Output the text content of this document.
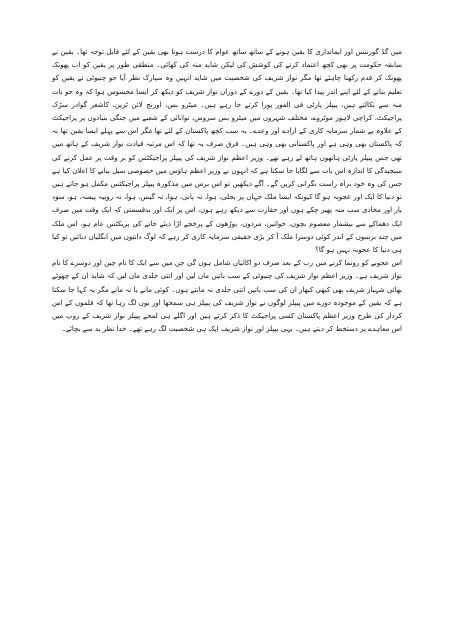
میں گڈ گورننس اور ایمانداری کا یقین ہونے کے ساتھ ساتھ عوام کا درست ہونا بھی یقین کے لئے قابل توجہ تھا۔ یقین نے سابقہ حکومت پر بھی کچھ اعتماد کرنے کی کوشش کی لیکن شاید منہ کی کھائی۔ منطقی طور پر یقین کو اب پھونک پھونک کر قدم رکھنا چاہئے تھا مگر نواز شریف کی شخصیت میں شاید انہیں وہ سپارک نظر آیا جو چنیوٹی نے یقین کو تعلیم بنانے کے لئے اپنے اندر پیدا کیا تھا۔ یقین کے دورے کے دوران نواز شریف کو دیکھ کر ایسا محسوس ہوا کہ وہ جو بات منہ سے نکالتے ہیں، پیپلز پارٹی فی الفور پورا کرتے جا رہے ہیں۔ میٹرو بس، اورنج لائن ٹرین، کاشغر گوادر سڑک پراجیکٹ، کراچی لاہور موٹروے، مختلف شہروں میں میٹرو بس سروس، توانائی کے شعبے میں جنگی بنیادوں پر پراجیکٹ کے علاوہ بے شمار سرمایہ کاری کے ارادے اور وعدے۔ یہ سب کچھ پاکستان کے لئے تھا مگر اس سے پہلے ایسا یقین تھا نہ کہ پاکستان بھی وہی ہے اور پاکستانی بھی وہی ہیں۔ فرق صرف یہ تھا کہ اس مرتبہ قیادت نواز شریف کے ہاتھ میں تھی جس پیپلز پارٹی ہاتھوں ہاتھ لے رہے تھے۔ وزیر اعظم نواز شریف کی پیپلز پراجیکٹس کو بر وقت پر عمل کرنے کی سنجیدگی کا اندازہ اس بات سے لگایا جا سکتا ہے کہ انہوں نے وزیر اعظم ہاؤس میں خصوصی سیل بنانے کا اعلان کیا ہے جس کی وہ خود براہ راست نگرانی کریں گے۔ آگے دیکھیں تو اس برس میں مذکورہ پیپلز پراجیکٹس مکمل ہو جاتے ہیں تو دنیا کا ایک اور عجوبہ ہو گا کیونکہ ایسا ملک جہاں پر بجلی، ہوا، نہ پانی، ہوا، نہ گیس، ہوا، نہ روپیہ پیسہ، ہو، سود یار اور مخادی سب منہ پھیر چکے ہوں اور حقارت سے دیکھ رہے ہوں، اس پر ایک اور بدقسمتی کہ ایک وقت میں صرف ایک دھماکے سے بیشمار معصوم بچوں، خواتین، مردوں، بوڑھوں کے پرخچے اڑا دیئے جاتے کی پریکٹس عام ہو، اس ملک میں چند برسوں کے اندر کوئی دوسرا ملک آ کر بڑی حقیقی سرمایہ کاری کر رہے کہ لوگ دانتوں میں انگلیاں دبائیں تو کیا ہی دنیا کا عجوبہ نہیں ہو گا؟

اس عجوبے کو رونما کرنے میں رب کے بعد صرف دو اکائیاں شامل ہوں گی جن میں سے ایک کا نام چین اور دوسرے کا نام نواز شریف ہے۔ وزیر اعظم نواز شریف کی چنیوٹی کے سب باتیں مان لیں اور انتی جلدی مان لیں کہ شاید ان کے چھوٹے بھائی شہباز شریف بھی کبھی کبھار ان کی سب باتیں اتنی جلدی نہ مانتے ہوں۔ کوئی مانے یا نہ مانے مگر یہ کہا جا سکتا ہے کہ یقین کے موجودہ دورے میں پیپلز لوگوں نے نواز شریف کی پیپلز ہی سمجھا اور یوں لگ رہا تھا کہ فلموں کے اس کردار کی طرح وزیر اعظم پاکستان کسی پراجیکٹ کا ذکر کرتے ہیں اور اگلے ہی لمحے پیپلز نواز شریف کے روپ میں اس معاہدے پر دستخط کر دیتے ہیں۔ یہی پیپلز اور نواز شریف ایک ہی شخصیت لگ رہے تھے۔ خدا نظر بد سے بچائے۔
